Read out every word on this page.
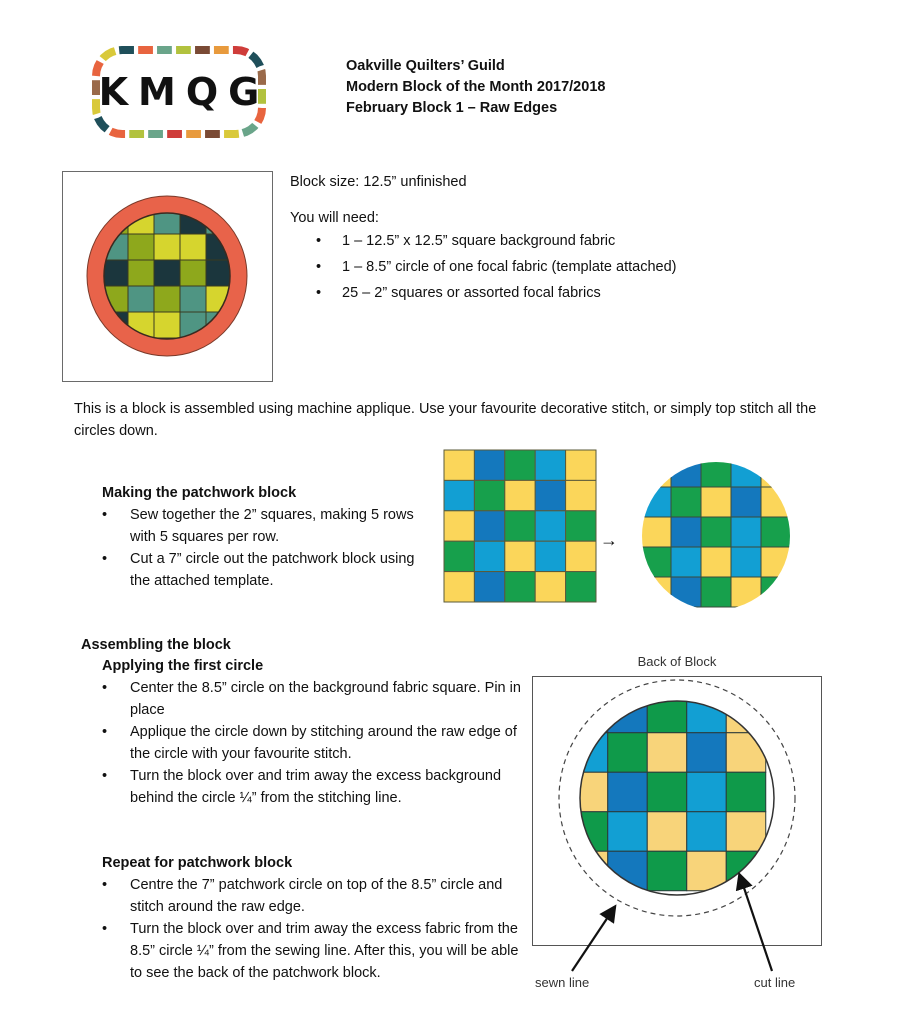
KMQG
Oakville Quilters’ Guild
Modern Block of the Month 2017/2018
February Block 1 – Raw Edges
Block size: 12.5” unfinished
You will need:
• 1 – 12.5” x 12.5” square background fabric
• 1 – 8.5” circle of one focal fabric (template attached)
• 25 – 2” squares or assorted focal fabrics
This is a block is assembled using machine applique. Use your favourite decorative stitch, or simply top stitch all the circles down.
Making the patchwork block
• Sew together the 2” squares, making 5 rows with 5 squares per row.
• Cut a 7” circle out the patchwork block using the attached template.
→
Assembling the block
Applying the first circle
• Center the 8.5” circle on the background fabric square. Pin in place
• Applique the circle down by stitching around the raw edge of the circle with your favourite stitch.
• Turn the block over and trim away the excess background behind the circle ¼” from the stitching line.
Repeat for patchwork block
• Centre the 7” patchwork circle on top of the 8.5” circle and stitch around the raw edge.
• Turn the block over and trim away the excess fabric from the 8.5” circle ¼” from the sewing line. After this, you will be able to see the back of the patchwork block.
Back of Block
sewn line	cut line
